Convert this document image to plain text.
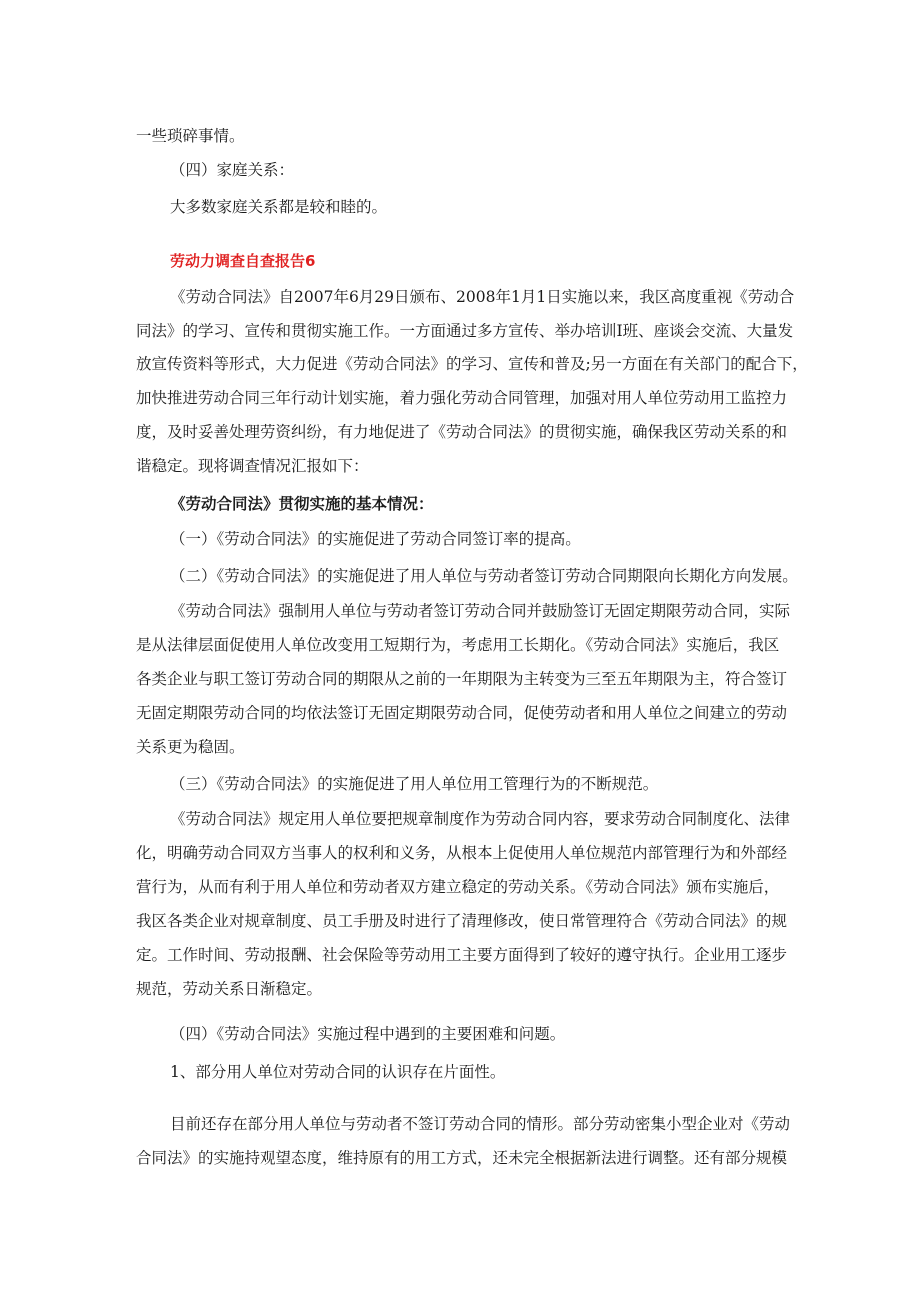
一些琐碎事情。
（四）家庭关系：
大多数家庭关系都是较和睦的。
劳动力调查自查报告6
《劳动合同法》自2007年6月29日颁布、2008年1月1日实施以来，我区高度重视《劳动合
同法》的学习、宣传和贯彻实施工作。一方面通过多方宣传、举办培训I班、座谈会交流、大量发
放宣传资料等形式，大力促进《劳动合同法》的学习、宣传和普及;另一方面在有关部门的配合下，
加快推进劳动合同三年行动计划实施，着力强化劳动合同管理，加强对用人单位劳动用工监控力
度，及时妥善处理劳资纠纷，有力地促进了《劳动合同法》的贯彻实施，确保我区劳动关系的和
谐稳定。现将调查情况汇报如下：
《劳动合同法》贯彻实施的基本情况：
（一）《劳动合同法》的实施促进了劳动合同签订率的提高。
（二）《劳动合同法》的实施促进了用人单位与劳动者签订劳动合同期限向长期化方向发展。
《劳动合同法》强制用人单位与劳动者签订劳动合同并鼓励签订无固定期限劳动合同，实际
是从法律层面促使用人单位改变用工短期行为，考虑用工长期化。《劳动合同法》实施后，我区
各类企业与职工签订劳动合同的期限从之前的一年期限为主转变为三至五年期限为主，符合签订
无固定期限劳动合同的均依法签订无固定期限劳动合同，促使劳动者和用人单位之间建立的劳动
关系更为稳固。
（三）《劳动合同法》的实施促进了用人单位用工管理行为的不断规范。
《劳动合同法》规定用人单位要把规章制度作为劳动合同内容，要求劳动合同制度化、法律
化，明确劳动合同双方当事人的权利和义务，从根本上促使用人单位规范内部管理行为和外部经
营行为，从而有利于用人单位和劳动者双方建立稳定的劳动关系。《劳动合同法》颁布实施后，
我区各类企业对规章制度、员工手册及时进行了清理修改，使日常管理符合《劳动合同法》的规
定。工作时间、劳动报酬、社会保险等劳动用工主要方面得到了较好的遵守执行。企业用工逐步
规范，劳动关系日渐稳定。
（四）《劳动合同法》实施过程中遇到的主要困难和问题。
1、部分用人单位对劳动合同的认识存在片面性。
目前还存在部分用人单位与劳动者不签订劳动合同的情形。部分劳动密集小型企业对《劳动
合同法》的实施持观望态度，维持原有的用工方式，还未完全根据新法进行调整。还有部分规模
